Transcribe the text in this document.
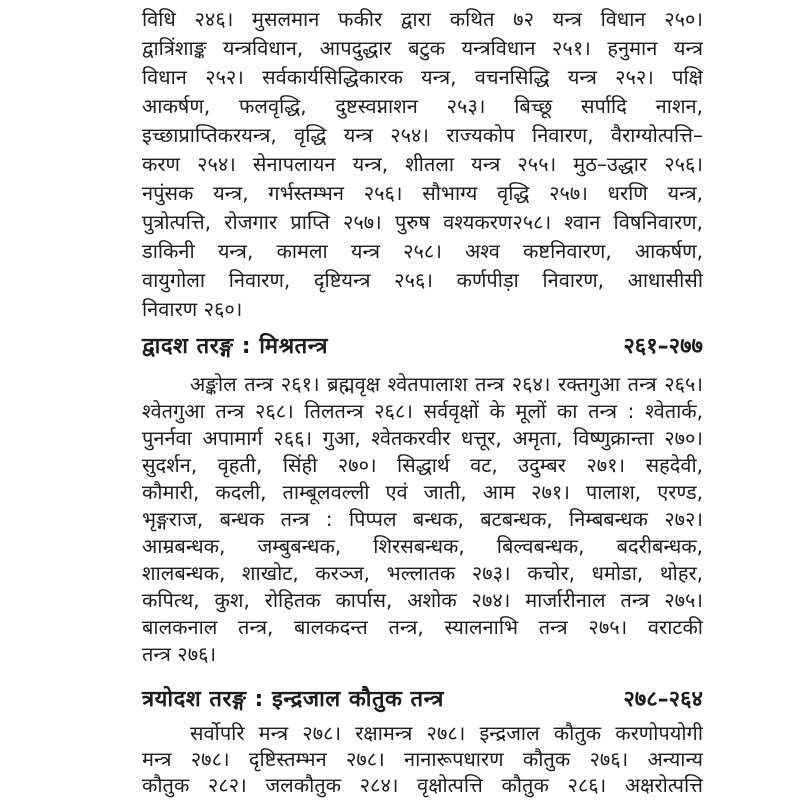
विधि २४६। मुसलमान फकीर द्वारा कथित ७२ यन्त्र विधान २५०।
द्वात्रिंशाङ्क यन्त्रविधान, आपदुद्धार बटुक यन्त्रविधान २५१। हनुमान यन्त्र
विधान २५२। सर्वकार्यसिद्धिकारक यन्त्र, वचनसिद्धि यन्त्र २५२। पक्षि
आकर्षण, फलवृद्धि, दुष्टस्वप्नाशन २५३। बिच्छू सर्पादि नाशन,
इच्छाप्राप्तिकरयन्त्र, वृद्धि यन्त्र २५४। राज्यकोप निवारण, वैराग्योत्पत्ति–
करण २५४। सेनापलायन यन्त्र, शीतला यन्त्र २५५। मुठ–उद्धार २५६।
नपुंसक यन्त्र, गर्भस्तम्भन २५६। सौभाग्य वृद्धि २५७। धरणि यन्त्र,
पुत्रोत्पत्ति, रोजगार प्राप्ति २५७। पुरुष वश्यकरण२५८। श्वान विषनिवारण,
डाकिनी यन्त्र, कामला यन्त्र २५८। अश्व कष्टनिवारण, आकर्षण,
वायुगोला निवारण, दृष्टियन्त्र २५६। कर्णपीड़ा निवारण, आधासीसी
निवारण २६०।
द्वादश तरङ्ग : मिश्रतन्त्र	२६१–२७७
अङ्कोल तन्त्र २६१। ब्रह्मवृक्ष श्वेतपालाश तन्त्र २६४। रक्तगुआ तन्त्र २६५।
श्वेतगुआ तन्त्र २६८। तिलतन्त्र २६८। सर्ववृक्षों के मूलों का तन्त्र : श्वेतार्क,
पुनर्नवा अपामार्ग २६६। गुआ, श्वेतकरवीर धत्तूर, अमृता, विष्णुक्रान्ता २७०।
सुदर्शन, वृहती, सिंही २७०। सिद्धार्थ वट, उदुम्बर २७१। सहदेवी,
कौमारी, कदली, ताम्बूलवल्ली एवं जाती, आम २७१। पालाश, एरण्ड,
भृङ्गराज, बन्धक तन्त्र : पिप्पल बन्धक, बटबन्धक, निम्बबन्धक २७२।
आम्रबन्धक, जम्बुबन्धक, शिरसबन्धक, बिल्वबन्धक, बदरीबन्धक,
शालबन्धक, शाखोट, करञ्ज, भल्लातक २७३। कचोर, धमोडा, थोहर,
कपित्थ, कुश, रोहितक कार्पास, अशोक २७४। मार्जारीनाल तन्त्र २७५।
बालकनाल तन्त्र, बालकदन्त तन्त्र, स्यालनाभि तन्त्र २७५। वराटकी
तन्त्र २७६।
त्रयोदश तरङ्ग : इन्द्रजाल कौतुक तन्त्र	२७८–२६४
सर्वोपरि मन्त्र २७८। रक्षामन्त्र २७८। इन्द्रजाल कौतुक करणोपयोगी
मन्त्र २७८। दृष्टिस्तम्भन २७८। नानारूपधारण कौतुक २७६। अन्यान्य
कौतुक २८२। जलकौतुक २८४। वृक्षोत्पत्ति कौतुक २८६। अक्षरोत्पत्ति
